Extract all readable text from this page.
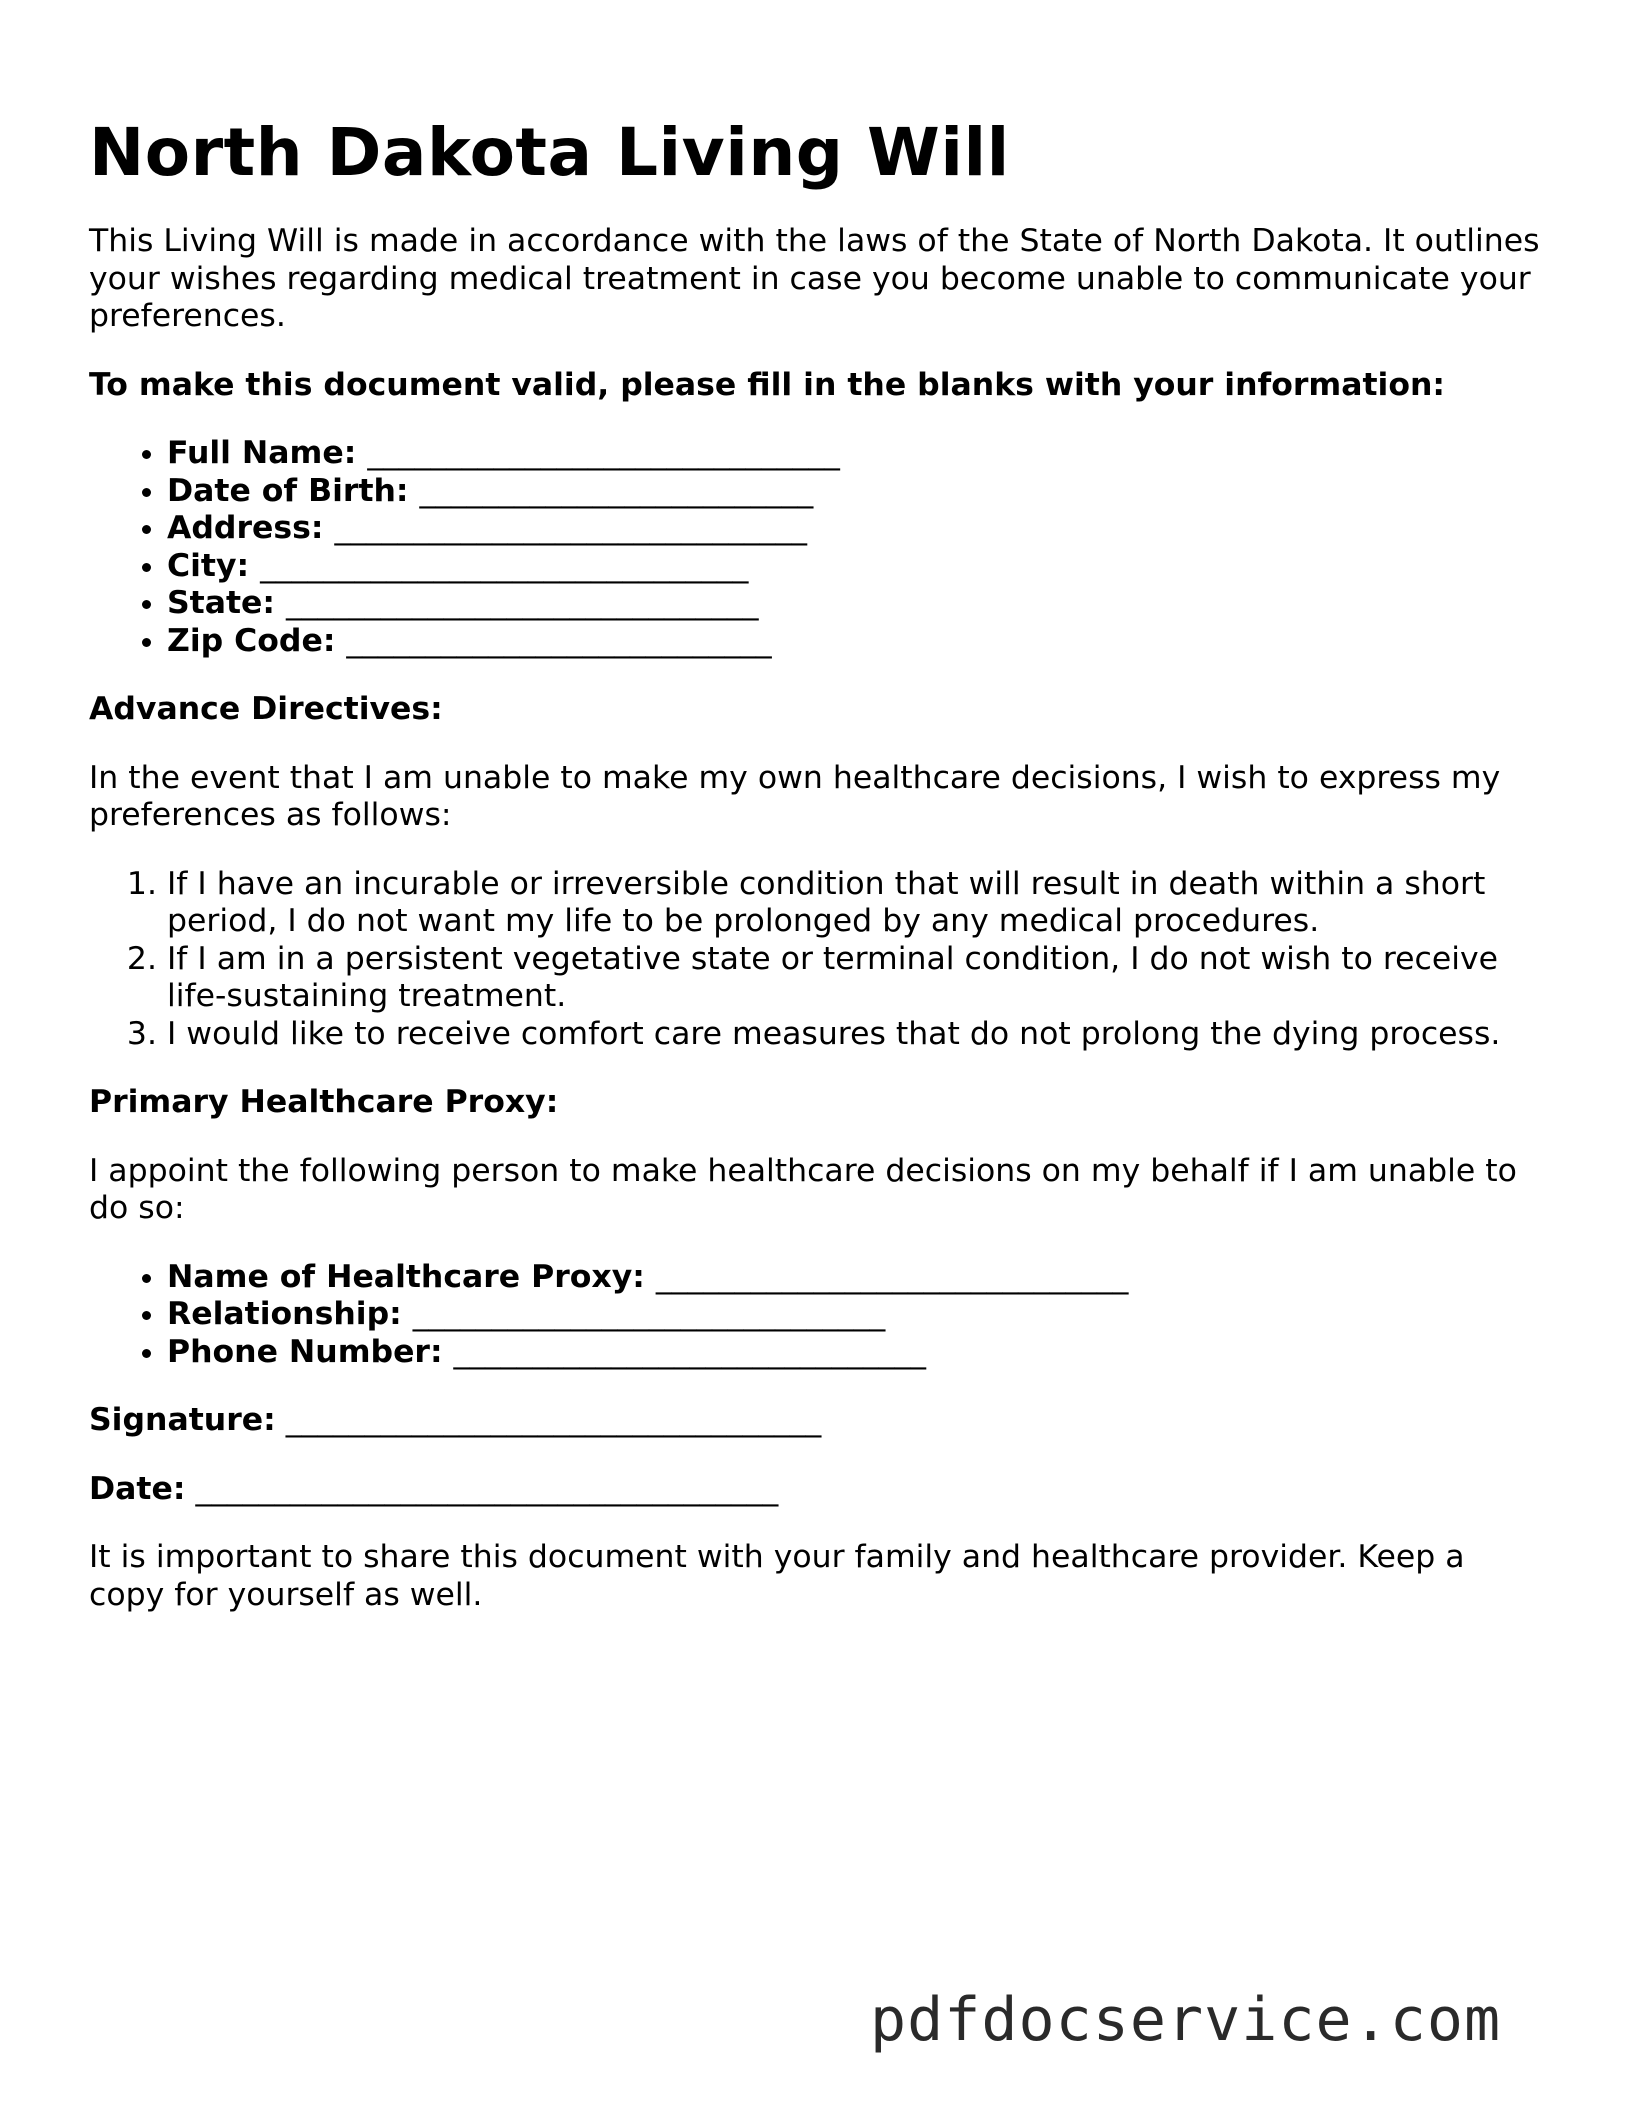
North Dakota Living Will

This Living Will is made in accordance with the laws of the State of North Dakota. It outlines your wishes regarding medical treatment in case you become unable to communicate your preferences.

To make this document valid, please fill in the blanks with your information:

• Full Name: ______________________________
• Date of Birth: _________________________
• Address: ______________________________
• City: _______________________________
• State: ______________________________
• Zip Code: ___________________________

Advance Directives:

In the event that I am unable to make my own healthcare decisions, I wish to express my preferences as follows:

1. If I have an incurable or irreversible condition that will result in death within a short period, I do not want my life to be prolonged by any medical procedures.
2. If I am in a persistent vegetative state or terminal condition, I do not wish to receive life-sustaining treatment.
3. I would like to receive comfort care measures that do not prolong the dying process.

Primary Healthcare Proxy:

I appoint the following person to make healthcare decisions on my behalf if I am unable to do so:

• Name of Healthcare Proxy: ______________________________
• Relationship: ______________________________
• Phone Number: ______________________________

Signature: __________________________________

Date: _____________________________________

It is important to share this document with your family and healthcare provider. Keep a copy for yourself as well.

pdfdocservice.com
